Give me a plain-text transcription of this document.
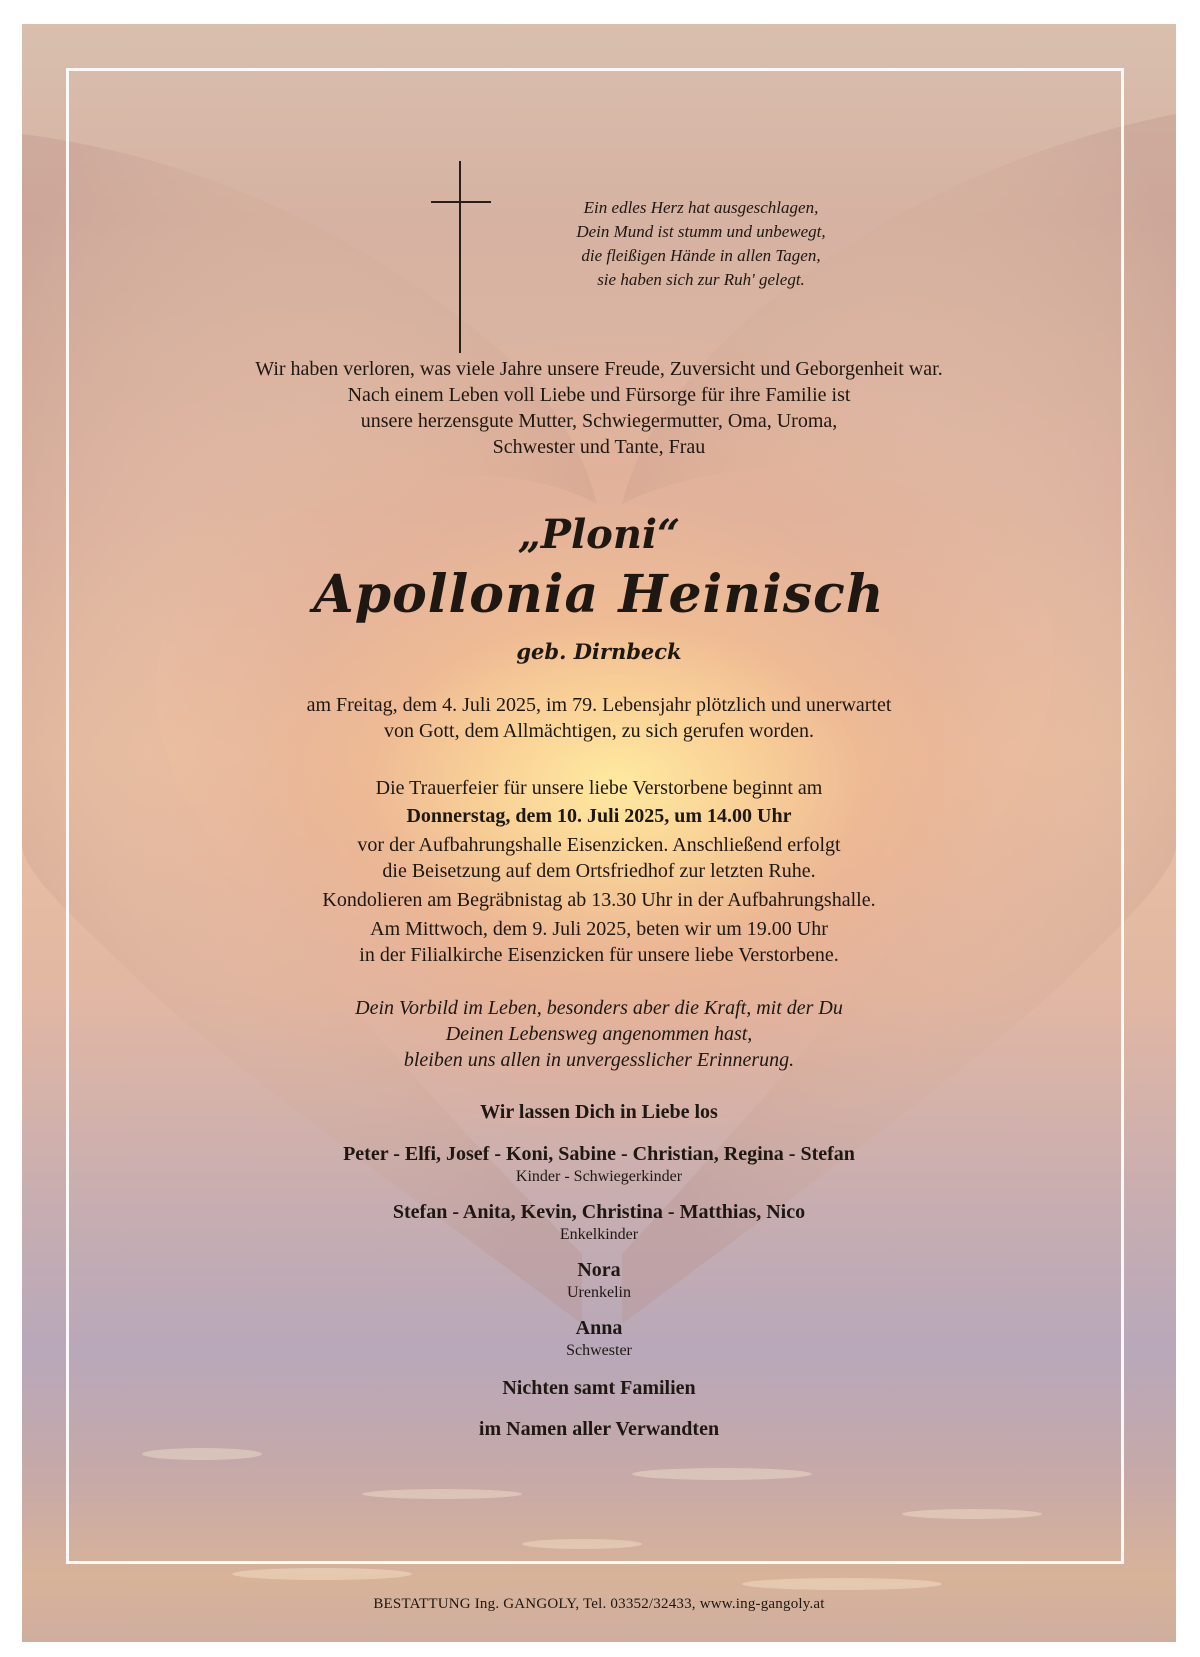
Ein edles Herz hat ausgeschlagen,
Dein Mund ist stumm und unbewegt,
die fleißigen Hände in allen Tagen,
sie haben sich zur Ruh' gelegt.
Wir haben verloren, was viele Jahre unsere Freude, Zuversicht und Geborgenheit war.
Nach einem Leben voll Liebe und Fürsorge für ihre Familie ist
unsere herzensgute Mutter, Schwiegermutter, Oma, Uroma,
Schwester und Tante, Frau
„Ploni“
Apollonia Heinisch
geb. Dirnbeck
am Freitag, dem 4. Juli 2025, im 79. Lebensjahr plötzlich und unerwartet
von Gott, dem Allmächtigen, zu sich gerufen worden.
Die Trauerfeier für unsere liebe Verstorbene beginnt am
Donnerstag, dem 10. Juli 2025, um 14.00 Uhr
vor der Aufbahrungshalle Eisenzicken. Anschließend erfolgt
die Beisetzung auf dem Ortsfriedhof zur letzten Ruhe.
Kondolieren am Begräbnistag ab 13.30 Uhr in der Aufbahrungshalle.
Am Mittwoch, dem 9. Juli 2025, beten wir um 19.00 Uhr
in der Filialkirche Eisenzicken für unsere liebe Verstorbene.
Dein Vorbild im Leben, besonders aber die Kraft, mit der Du
Deinen Lebensweg angenommen hast,
bleiben uns allen in unvergesslicher Erinnerung.
Wir lassen Dich in Liebe los
Peter - Elfi, Josef - Koni, Sabine - Christian, Regina - Stefan
Kinder - Schwiegerkinder
Stefan - Anita, Kevin, Christina - Matthias, Nico
Enkelkinder
Nora
Urenkelin
Anna
Schwester
Nichten samt Familien
im Namen aller Verwandten
BESTATTUNG Ing. GANGOLY, Tel. 03352/32433, www.ing-gangoly.at
